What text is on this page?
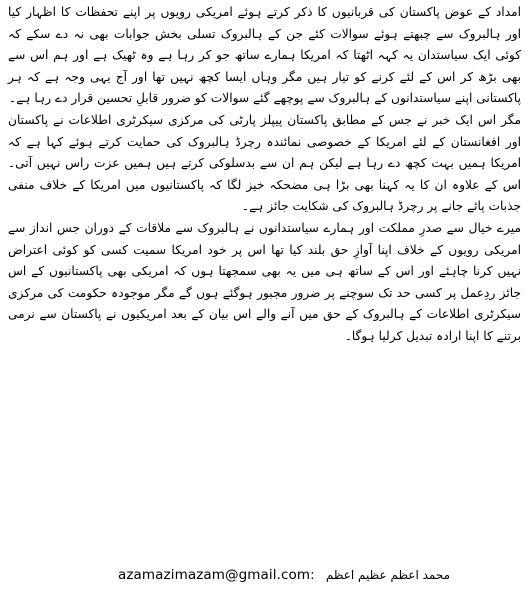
امداد کے عوض پاکستان کی قربانیوں کا ذکر کرتے ہوئے امریکی رویوں پر اپنے تحفظات کا اظہار کیا اور ہالبروک سے چبھتے ہوئے سوالات کئے جن کے ہالبروک تسلی بخش جوابات بھی نہ دے سکے کہ کوئی ایک سیاستدان یہ کہہ اٹھتا کہ امریکا ہمارے ساتھ جو کر رہا ہے وہ ٹھیک ہے اور ہم اس سے بھی بڑھ کر اس کے لئے کرنے کو تیار ہیں مگر وہاں ایسا کچھ نہیں تھا اور آج یہی وجہ ہے کہ ہر پاکستانی اپنے سیاستدانوں کے ہالبروک سے پوچھے گئے سوالات کو ضرور قابلِ تحسین قرار دے رہا ہے۔

مگر اس ایک خبر نے جس کے مطابق پاکستان پیپلز پارٹی کی مرکزی سیکرٹری اطلاعات نے پاکستان اور افغانستان کے لئے امریکا کے خصوصی نمائندہ رچرڈ ہالبروک کی حمایت کرتے ہوئے کہا ہے کہ امریکا ہمیں بہت کچھ دے رہا ہے لیکن ہم ان سے بدسلوکی کرتے ہیں ہمیں عزت راس نہیں آتی۔ اس کے علاوہ ان کا یہ کہنا بھی بڑا ہی مضحکہ خیز لگا کہ پاکستانیوں میں امریکا کے خلاف منفی جذبات پائے جانے پر رچرڈ ہالبروک کی شکایت جائز ہے۔

میرے خیال سے صدرِ مملکت اور ہمارے سیاستدانوں نے ہالبروک سے ملاقات کے دوران جس انداز سے امریکی رویوں کے خلاف اپنا آوازِ حق بلند کیا تھا اس پر خود امریکا سمیت کسی کو کوئی اعتراض نہیں کرنا چاہئے اور اس کے ساتھ ہی میں یہ بھی سمجھتا ہوں کہ امریکی بھی پاکستانیوں کے اس جائز ردِعمل پر کسی حد تک سوچنے پر ضرور مجبور ہوگئے ہوں گے مگر موجودہ حکومت کی مرکزی سیکرٹری اطلاعات کے ہالبروک کے حق میں آنے والے اس بیان کے بعد امریکیوں نے پاکستان سے نرمی برتنے کا اپنا ارادہ تبدیل کرلیا ہوگا۔

azamazimazam@gmail.com: محمد اعظم عظیم اعظم
